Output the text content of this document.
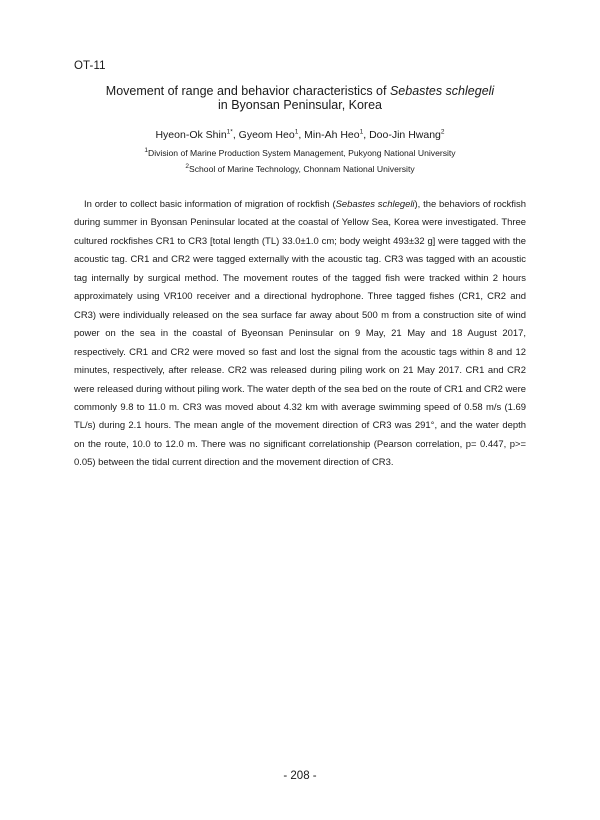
OT-11
Movement of range and behavior characteristics of Sebastes schlegeli
in Byonsan Peninsular, Korea
Hyeon-Ok Shin$^{1*}$, Gyeom Heo$^1$, Min-Ah Heo$^1$, Doo-Jin Hwang$^2$
$^1$Division of Marine Production System Management, Pukyong National University
$^2$School of Marine Technology, Chonnam National University

In order to collect basic information of migration of rockfish (Sebastes schlegeli), the behaviors of rockfish during summer in Byonsan Peninsular located at the coastal of Yellow Sea, Korea were investigated. Three cultured rockfishes CR1 to CR3 [total length (TL) 33.0±1.0 cm; body weight 493±32 g] were tagged with the acoustic tag. CR1 and CR2 were tagged externally with the acoustic tag. CR3 was tagged with an acoustic tag internally by surgical method. The movement routes of the tagged fish were tracked within 2 hours approximately using VR100 receiver and a directional hydrophone. Three tagged fishes (CR1, CR2 and CR3) were individually released on the sea surface far away about 500 m from a construction site of wind power on the sea in the coastal of Byeonsan Peninsular on 9 May, 21 May and 18 August 2017, respectively. CR1 and CR2 were moved so fast and lost the signal from the acoustic tags within 8 and 12 minutes, respectively, after release. CR2 was released during piling work on 21 May 2017. CR1 and CR2 were released during without piling work. The water depth of the sea bed on the route of CR1 and CR2 were commonly 9.8 to 11.0 m. CR3 was moved about 4.32 km with average swimming speed of 0.58 m/s (1.69 TL/s) during 2.1 hours. The mean angle of the movement direction of CR3 was 291°, and the water depth on the route, 10.0 to 12.0 m. There was no significant correlationship (Pearson correlation, p= 0.447, p>= 0.05) between the tidal current direction and the movement direction of CR3.

- 208 -
